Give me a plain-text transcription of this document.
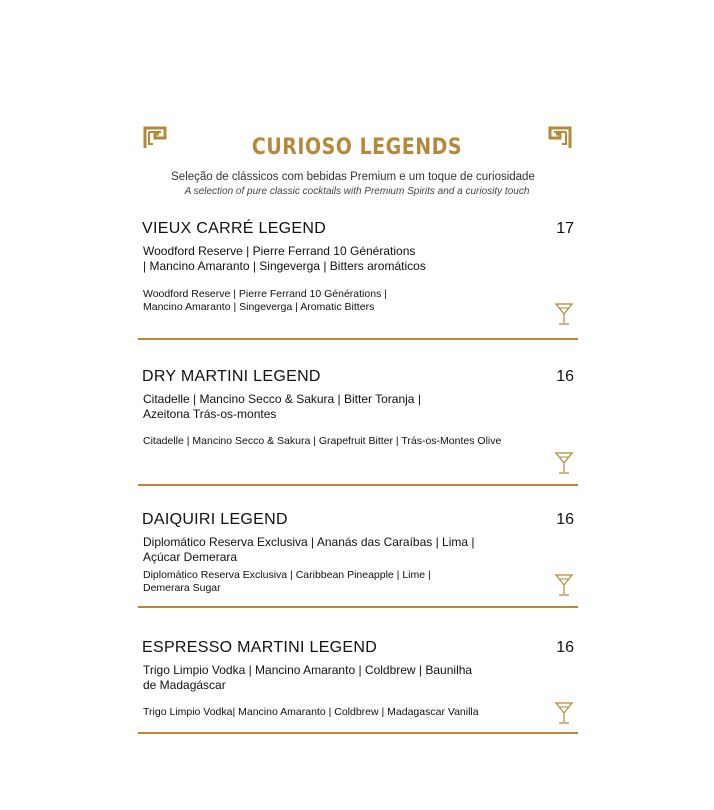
CURIOSO LEGENDS
Seleção de clássicos com bebidas Premium e um toque de curiosidade
A selection of pure classic cocktails with Premium Spirits and a curiosity touch
VIEUX CARRÉ LEGEND	17
Woodford Reserve | Pierre Ferrand 10 Générations
| Mancino Amaranto | Singeverga | Bitters aromáticos
Woodford Reserve | Pierre Ferrand 10 Générations |
Mancino Amaranto | Singeverga | Aromatic Bitters
DRY MARTINI LEGEND	16
Citadelle | Mancino Secco & Sakura | Bitter Toranja |
Azeitona Trás-os-montes
Citadelle | Mancino Secco & Sakura | Grapefruit Bitter | Trás-os-Montes Olive
DAIQUIRI LEGEND	16
Diplomático Reserva Exclusiva | Ananás das Caraíbas | Lima |
Açúcar Demerara
Diplomático Reserva Exclusiva | Caribbean Pineapple | Lime |
Demerara Sugar
ESPRESSO MARTINI LEGEND	16
Trigo Limpio Vodka | Mancino Amaranto | Coldbrew | Baunilha
de Madagáscar
Trigo Limpio Vodka| Mancino Amaranto | Coldbrew | Madagascar Vanilla
